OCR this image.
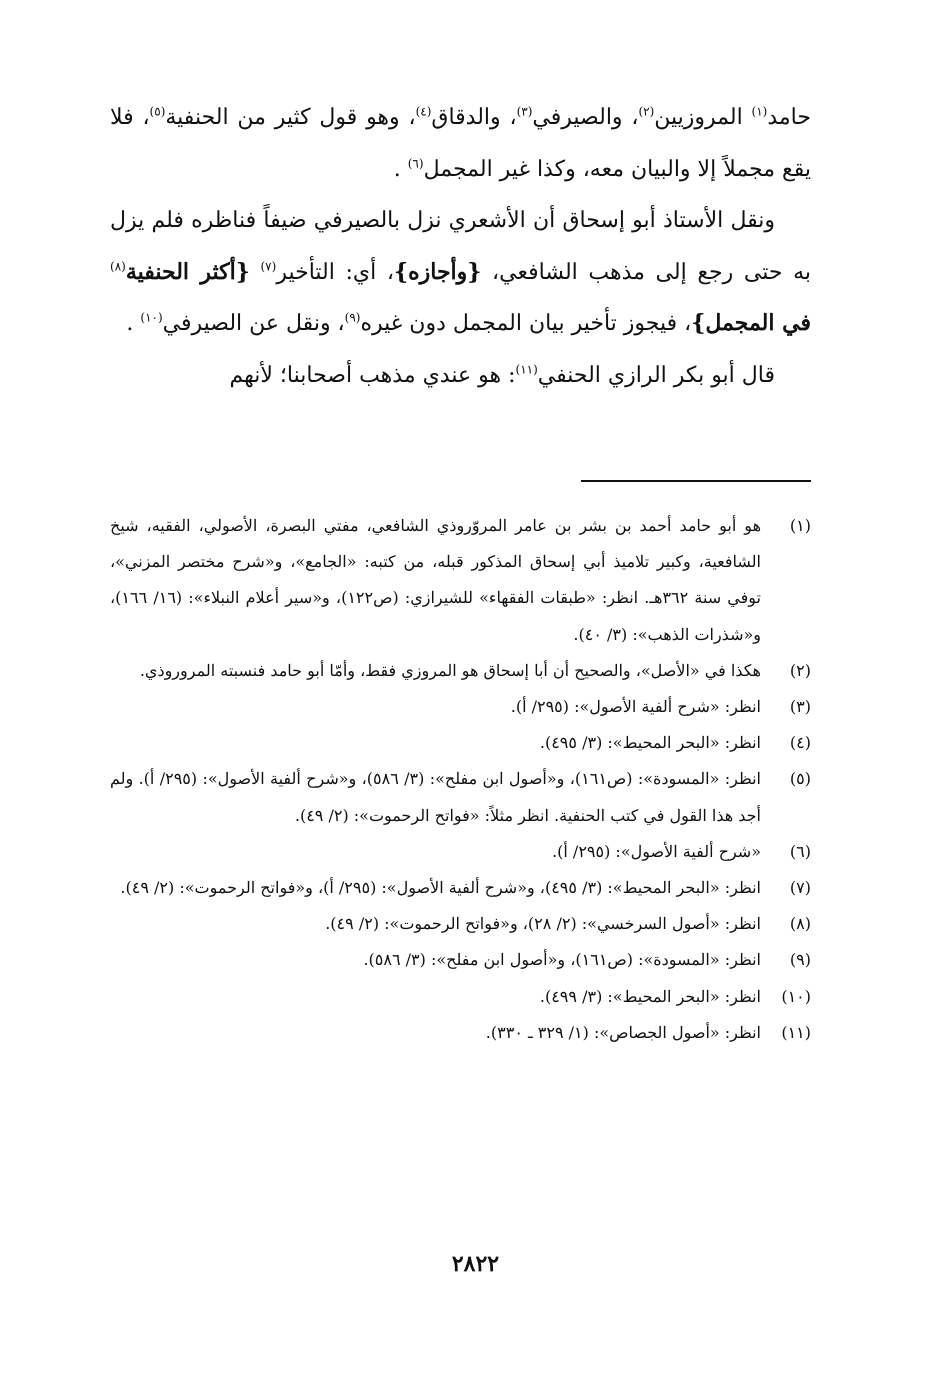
حامد$^{(١)}$ المروزيين$^{(٢)}$، والصيرفي$^{(٣)}$، والدقاق$^{(٤)}$، وهو قول كثير من الحنفية$^{(٥)}$، فلا يقع مجملاً إلا والبيان معه، وكذا غير المجمل$^{(٦)}$ .

ونقل الأستاذ أبو إسحاق أن الأشعري نزل بالصيرفي ضيفاً فناظره فلم يزل به حتى رجع إلى مذهب الشافعي، {وأجازه}، أي: التأخير$^{(٧)}$ {أكثر الحنفية$^{(٨)}$ في المجمل}، فيجوز تأخير بيان المجمل دون غيره$^{(٩)}$، ونقل عن الصيرفي$^{(١٠)}$ .

قال أبو بكر الرازي الحنفي$^{(١١)}$: هو عندي مذهب أصحابنا؛ لأنهم

(١)
هو أبو حامد أحمد بن بشر بن عامر المروّروذي الشافعي، مفتي البصرة، الأصولي، الفقيه، شيخ الشافعية، وكبير تلاميذ أبي إسحاق المذكور قبله، من كتبه: «الجامع»، و«شرح مختصر المزني»، توفي سنة ٣٦٢هـ. انظر: «طبقات الفقهاء» للشيرازي: (ص١٢٢)، و«سير أعلام النبلاء»: (١٦/ ١٦٦)، و«شذرات الذهب»: (٣/ ٤٠).
(٢)
هكذا في «الأصل»، والصحيح أن أبا إسحاق هو المروزي فقط، وأمّا أبو حامد فنسبته المروروذي.
(٣)
انظر: «شرح ألفية الأصول»: (٢٩٥/ أ).
(٤)
انظر: «البحر المحيط»: (٣/ ٤٩٥).
(٥)
انظر: «المسودة»: (ص١٦١)، و«أصول ابن مفلح»: (٣/ ٥٨٦)، و«شرح ألفية الأصول»: (٢٩٥/ أ). ولم أجد هذا القول في كتب الحنفية. انظر مثلاً: «فواتح الرحموت»: (٢/ ٤٩).
(٦)
«شرح ألفية الأصول»: (٢٩٥/ أ).
(٧)
انظر: «البحر المحيط»: (٣/ ٤٩٥)، و«شرح ألفية الأصول»: (٢٩٥/ أ)، و«فواتح الرحموت»: (٢/ ٤٩).
(٨)
انظر: «أصول السرخسي»: (٢/ ٢٨)، و«فواتح الرحموت»: (٢/ ٤٩).
(٩)
انظر: «المسودة»: (ص١٦١)، و«أصول ابن مفلح»: (٣/ ٥٨٦).
(١٠)
انظر: «البحر المحيط»: (٣/ ٤٩٩).
(١١)
انظر: «أصول الجصاص»: (١/ ٣٢٩ ـ ٣٣٠).
٢٨٢٢
